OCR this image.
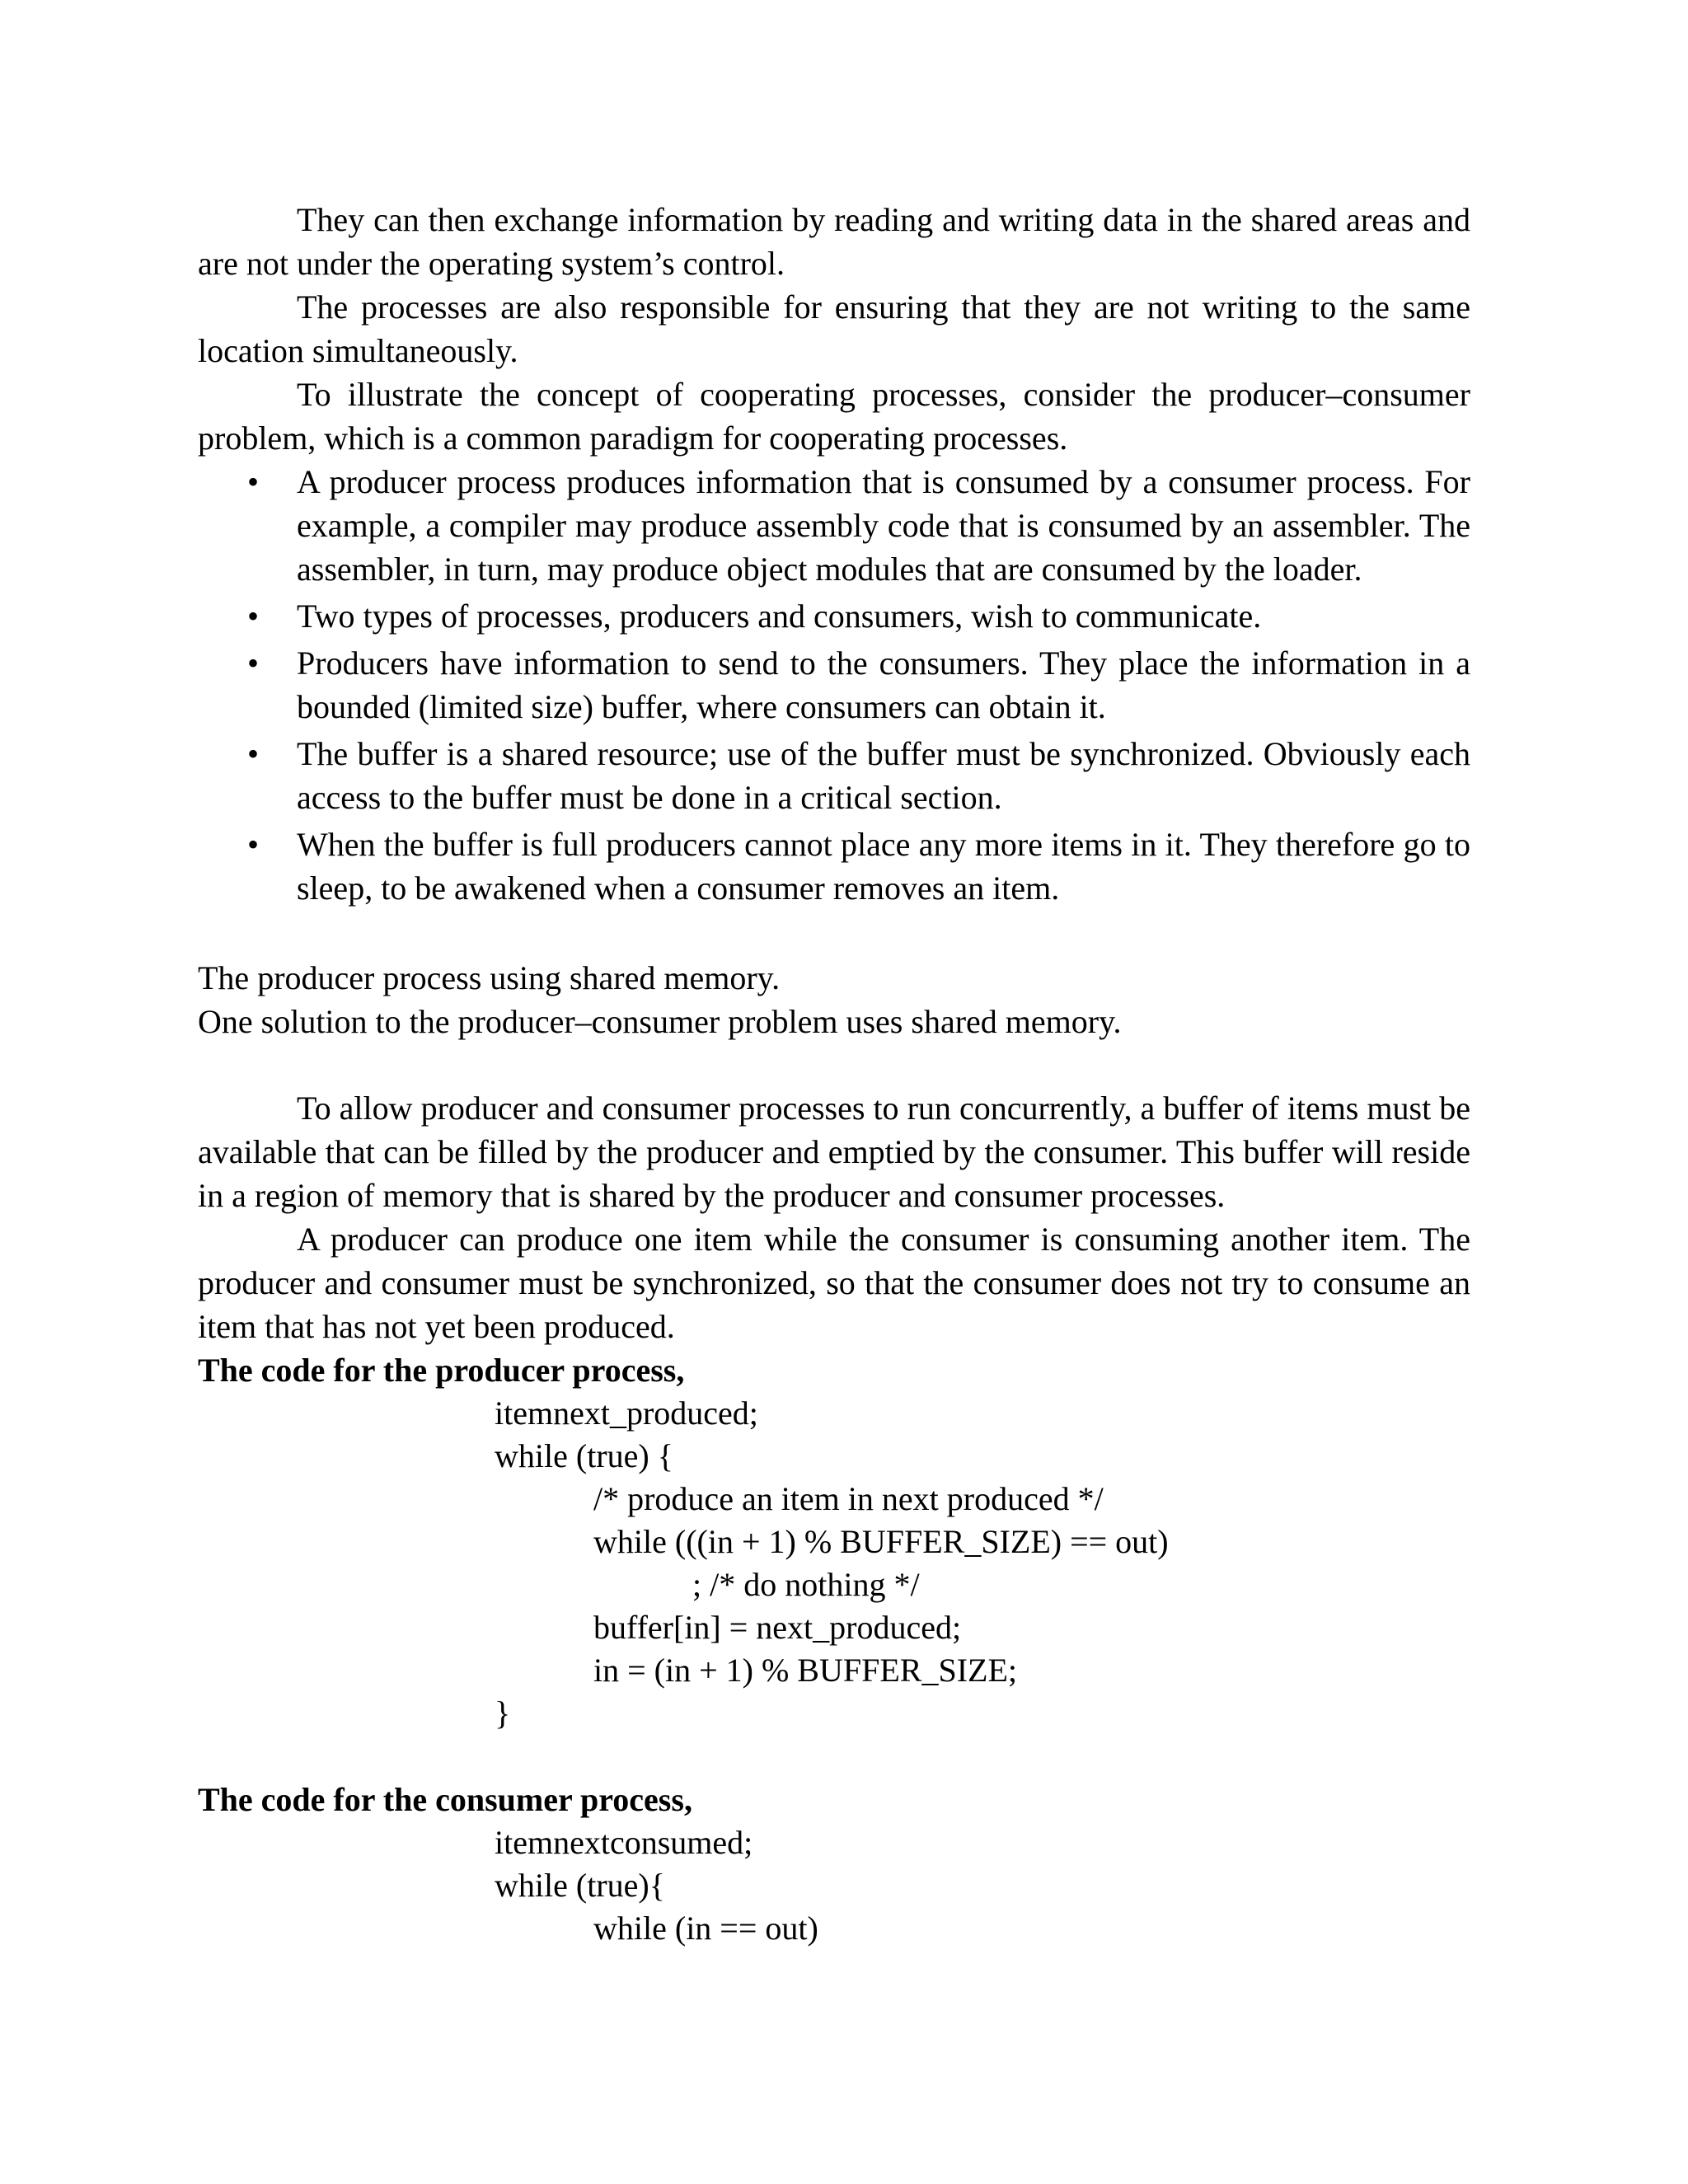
They can then exchange information by reading and writing data in the shared areas and are not under the operating system’s control.

The processes are also responsible for ensuring that they are not writing to the same location simultaneously.

To illustrate the concept of cooperating processes, consider the producer–consumer problem, which is a common paradigm for cooperating processes.

• A producer process produces information that is consumed by a consumer process. For example, a compiler may produce assembly code that is consumed by an assembler. The assembler, in turn, may produce object modules that are consumed by the loader.
• Two types of processes, producers and consumers, wish to communicate.
• Producers have information to send to the consumers. They place the information in a bounded (limited size) buffer, where consumers can obtain it.
• The buffer is a shared resource; use of the buffer must be synchronized. Obviously each access to the buffer must be done in a critical section.
• When the buffer is full producers cannot place any more items in it. They therefore go to sleep, to be awakened when a consumer removes an item.

The producer process using shared memory.

One solution to the producer–consumer problem uses shared memory.

To allow producer and consumer processes to run concurrently, a buffer of items must be available that can be filled by the producer and emptied by the consumer. This buffer will reside in a region of memory that is shared by the producer and consumer processes.

A producer can produce one item while the consumer is consuming another item. The producer and consumer must be synchronized, so that the consumer does not try to consume an item that has not yet been produced.

The code for the producer process,

itemnext_produced;

while (true) {

/* produce an item in next produced */

while (((in + 1) % BUFFER_SIZE) == out)

; /* do nothing */

buffer[in] = next_produced;

in = (in + 1) % BUFFER_SIZE;

}

The code for the consumer process,

itemnextconsumed;

while (true){

while (in == out)
